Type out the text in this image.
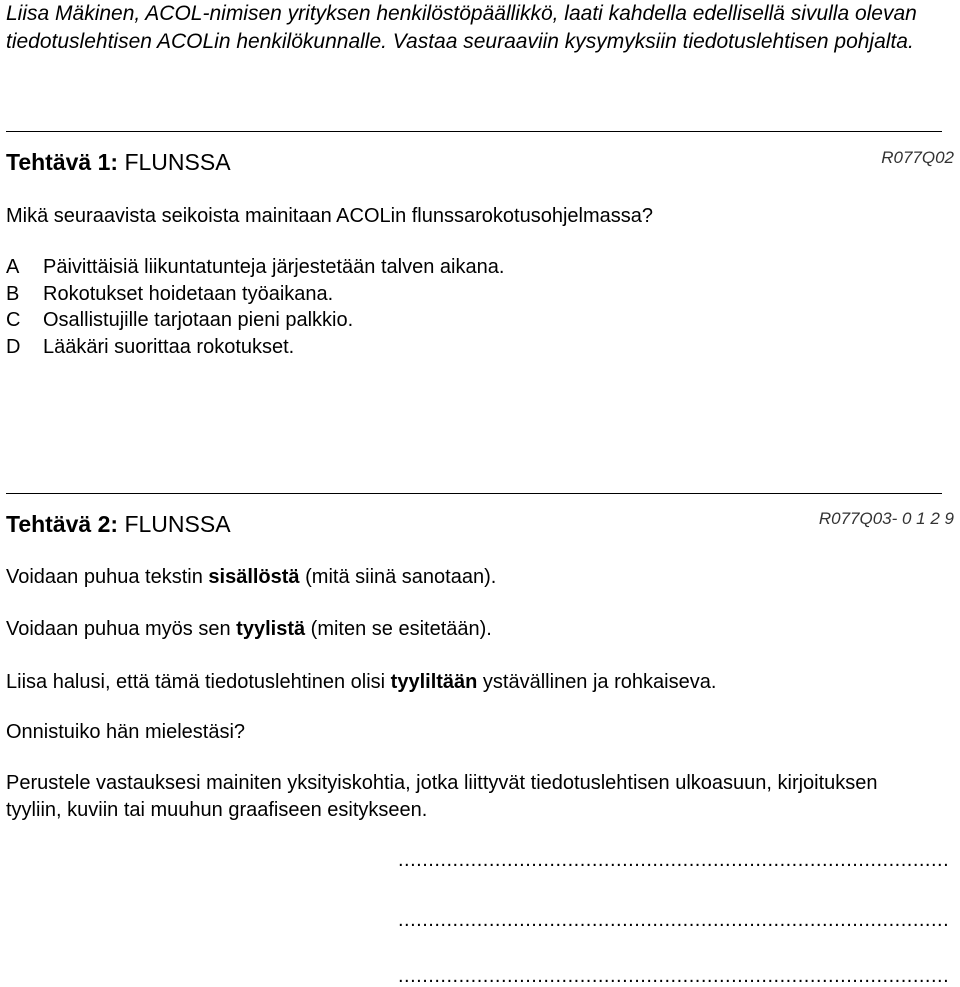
Liisa Mäkinen, ACOL-nimisen yrityksen henkilöstöpäällikkö, laati kahdella edellisellä sivulla olevan tiedotuslehtisen ACOLin henkilökunnalle. Vastaa seuraaviin kysymyksiin tiedotuslehtisen pohjalta.
Tehtävä 1: FLUNSSA	R077Q02
Mikä seuraavista seikoista mainitaan ACOLin flunssarokotusohjelmassa?
A Päivittäisiä liikuntatunteja järjestetään talven aikana.
B Rokotukset hoidetaan työaikana.
C Osallistujille tarjotaan pieni palkkio.
D Lääkäri suorittaa rokotukset.
Tehtävä 2: FLUNSSA	R077Q03- 0 1 2 9
Voidaan puhua tekstin sisällöstä (mitä siinä sanotaan).
Voidaan puhua myös sen tyylistä (miten se esitetään).
Liisa halusi, että tämä tiedotuslehtinen olisi tyyliltään ystävällinen ja rohkaiseva.
Onnistuiko hän mielestäsi?
Perustele vastauksesi mainiten yksityiskohtia, jotka liittyvät tiedotuslehtisen ulkoasuun, kirjoituksen tyyliin, kuviin tai muuhun graafiseen esitykseen.
...........................................................................................
...........................................................................................
...........................................................................................
